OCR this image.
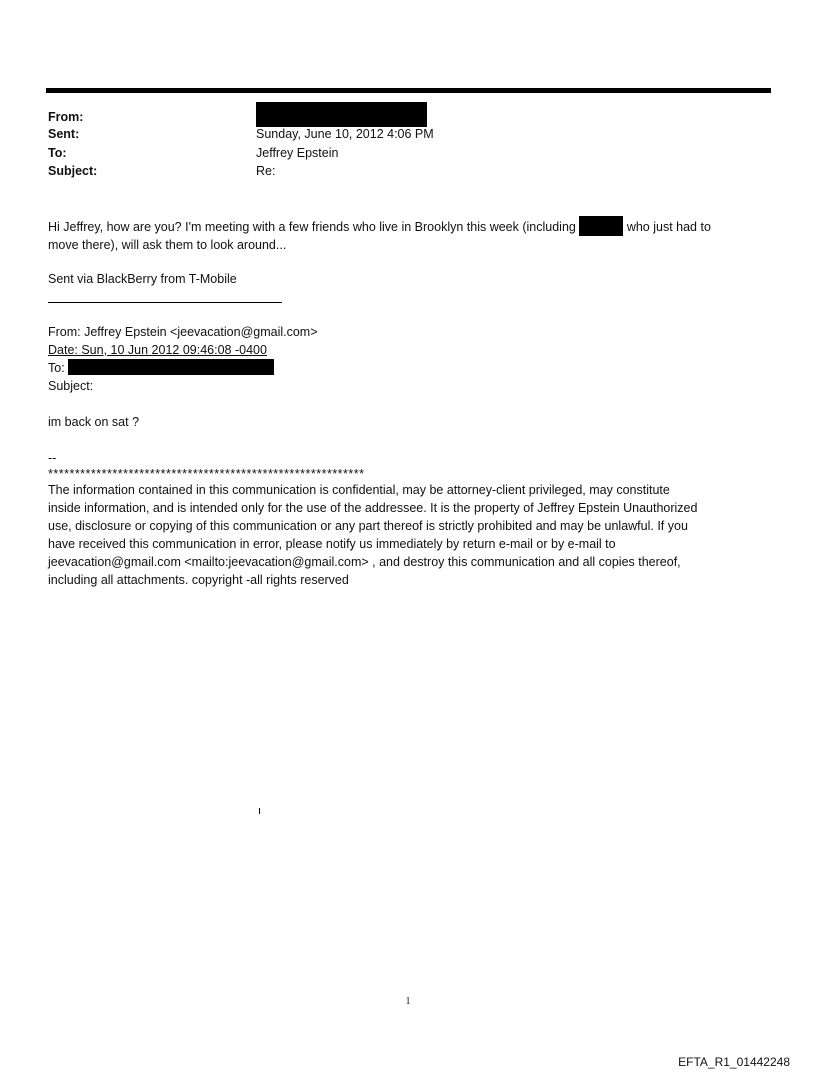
From:
Sent:	Sunday, June 10, 2012 4:06 PM
To:	Jeffrey Epstein
Subject:	Re:

Hi Jeffrey, how are you? I'm meeting with a few friends who live in Brooklyn this week (including	who just had to

move there), will ask them to look around...

Sent via BlackBerry from T-Mobile

From: Jeffrey Epstein <jeevacation@gmail.com>

Date: Sun, 10 Jun 2012 09:46:08 -0400

To:

Subject:

im back on sat ?

--

***********************************************************

The information contained in this communication is confidential, may be attorney-client privileged, may constitute

inside information, and is intended only for the use of the addressee. It is the property of Jeffrey Epstein Unauthorized

use, disclosure or copying of this communication or any part thereof is strictly prohibited and may be unlawful. If you

have received this communication in error, please notify us immediately by return e-mail or by e-mail to

jeevacation@gmail.com <mailto:jeevacation@gmail.com> , and destroy this communication and all copies thereof,

including all attachments. copyright -all rights reserved

1
EFTA_R1_01442248
